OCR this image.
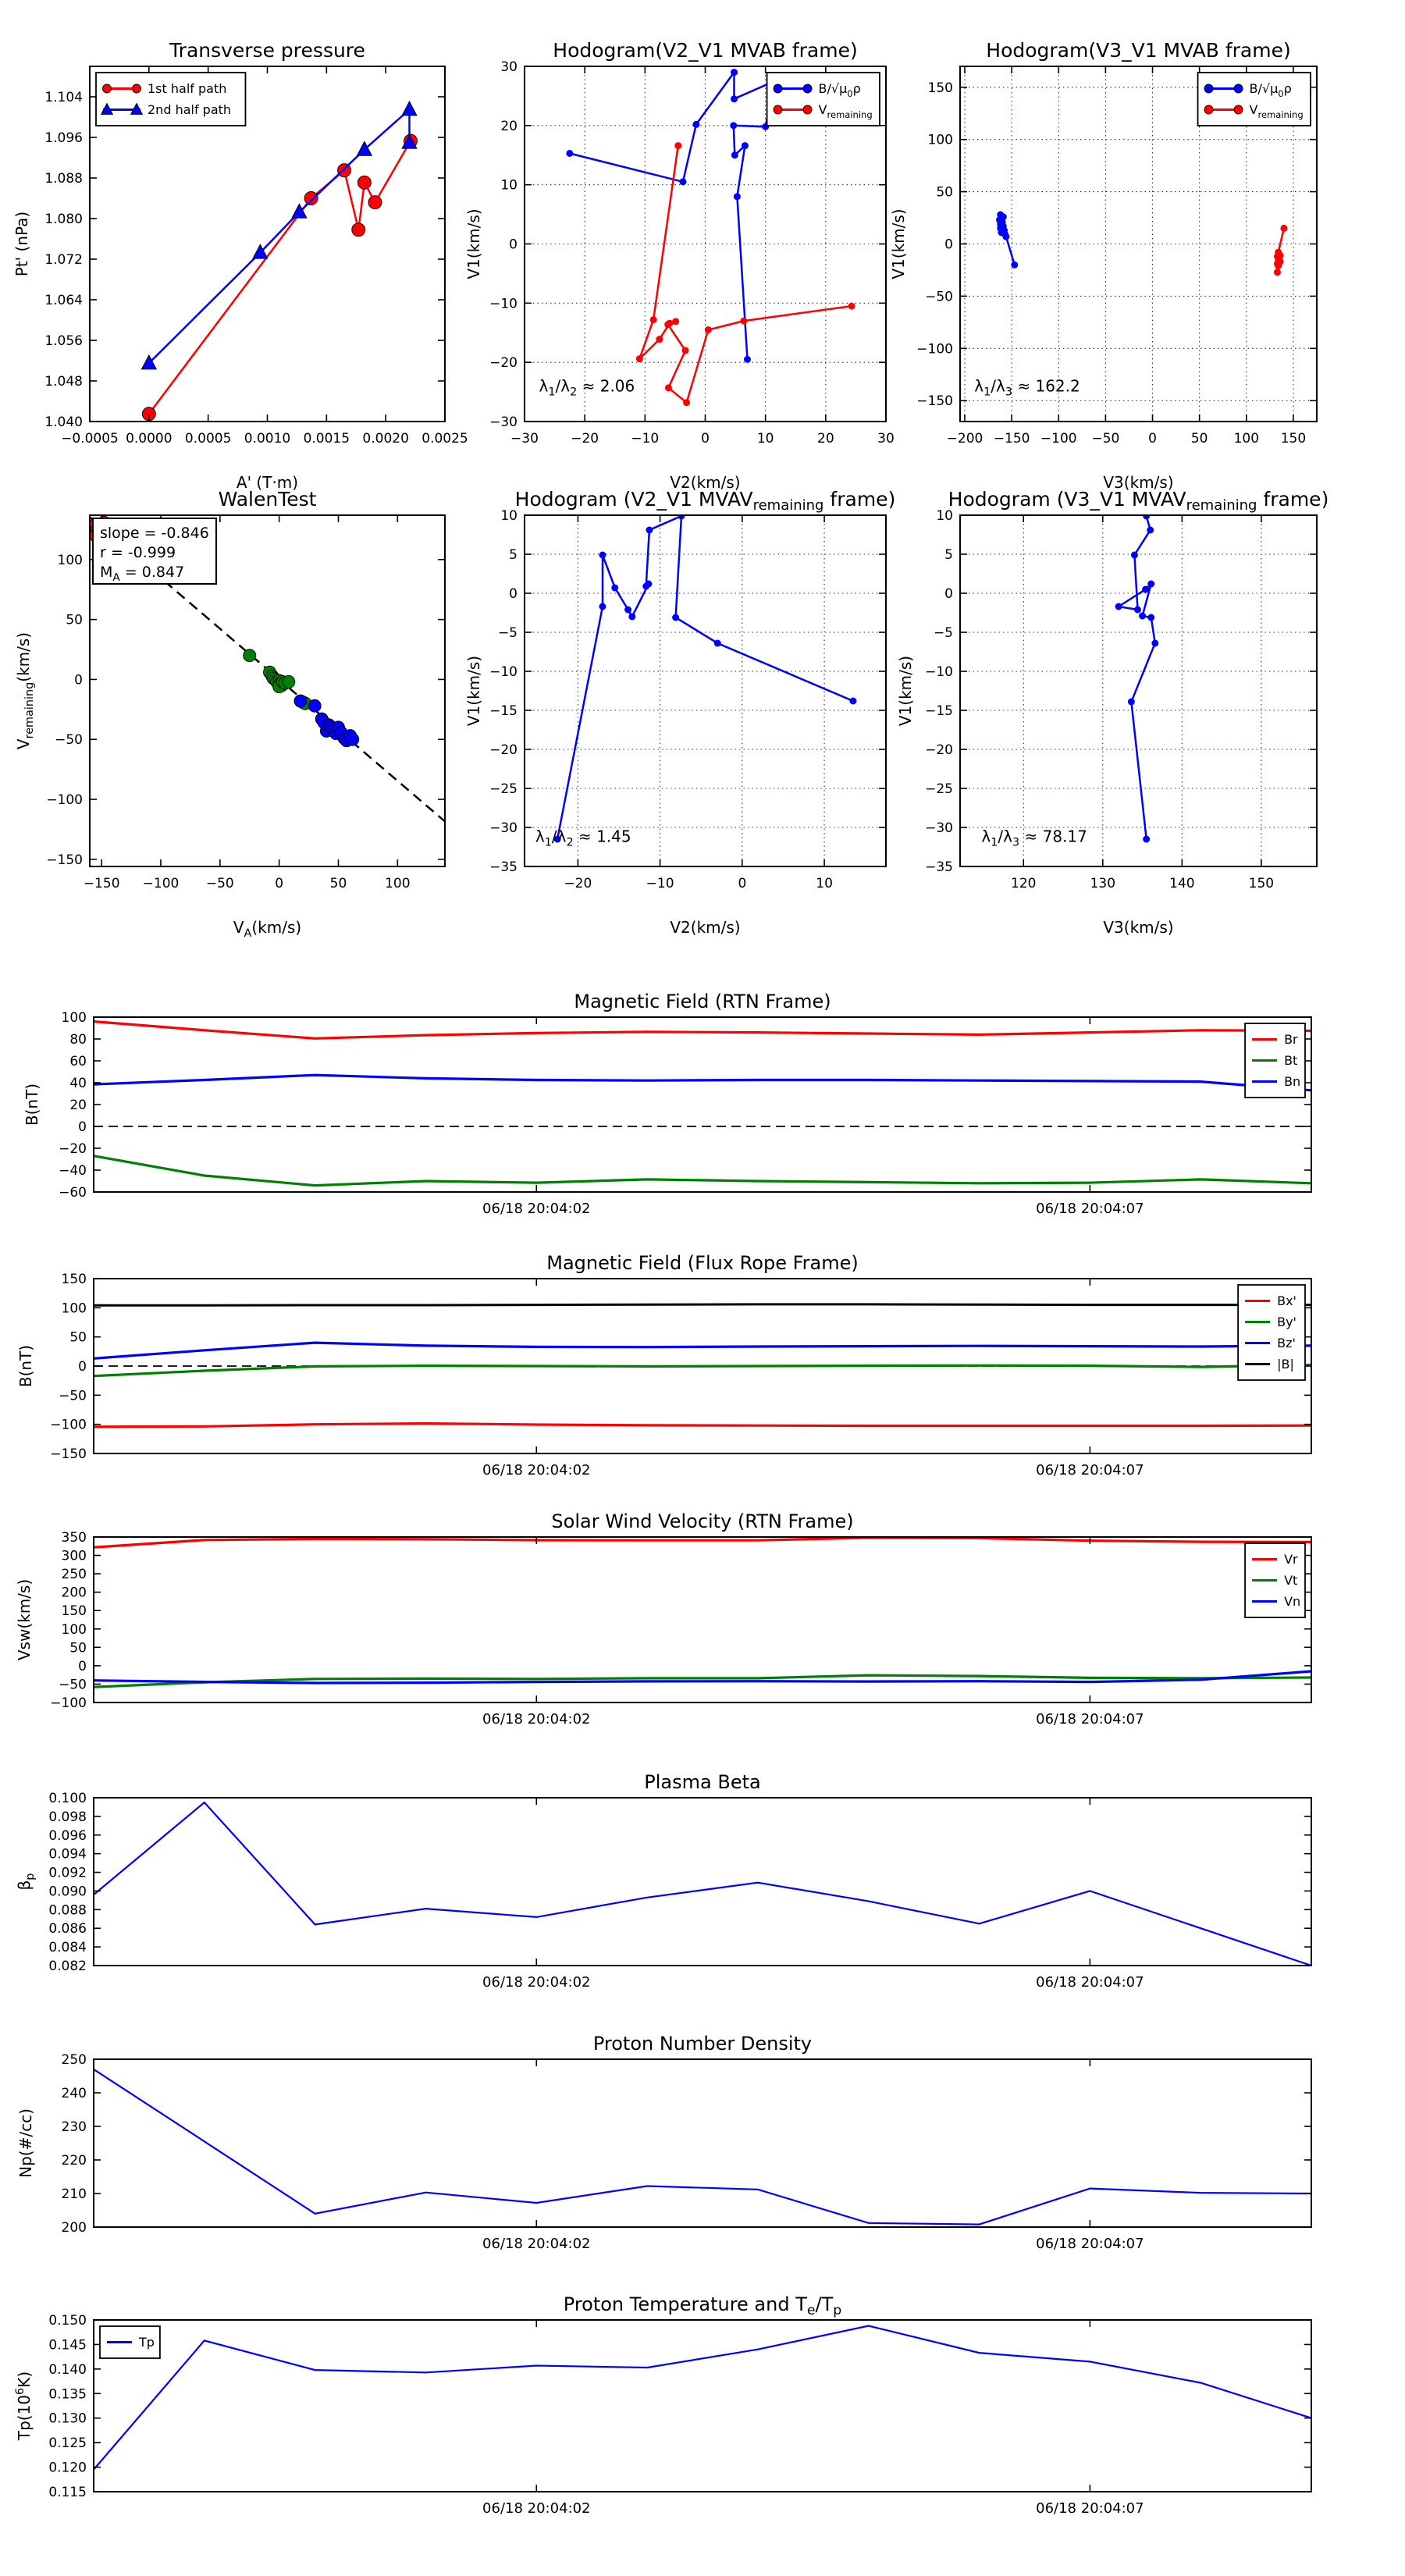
−0.0005 0.0000 0.0005 0.0010 0.0015 0.0020 0.0025
1.040
1.048
1.056
1.064
1.072
1.080
1.088
1.096
1.104
Transverse pressure
A' (T·m)
Pt' (nPa)
1st half path
2nd half path
−30 −20 −10	0	10	20	30
−30
−20
−10
0
10
20
30
Hodogram(V2_V1 MVAB frame)
V2(km/s)
V1(km/s)
$B/√\mu_0\rho$
$V_{remaining}$
$\lambda_1/\lambda_2 \approx 2.06$
−200 −150 −100 −50 0	50 100 150
−150
−100
−50
0
50
100
150
Hodogram(V3_V1 MVAB frame)
V3(km/s)
V1(km/s)
$B/√\mu_0\rho$
$V_{remaining}$
$\lambda_1/\lambda_3 \approx 162.2$
−150 −100 −50	0	50	100
−150
−100
−50
0
50
100
WalenTest
$V_A(km/s)$
$V_{remaining}(km/s)$
slope = -0.846
r = -0.999
$M_A = 0.847$
−20	−10	0	10
10
5
0
−5
−10
−15
−20
−25
−30
−35
Hodogram (V2_V1 $MVAV_{remaining}$ frame)
V2(km/s)
V1(km/s)
$\lambda_1/\lambda_2 \approx 1.45$
120	130	140	150
10
5
0
−5
−10
−15
−20
−25
−30
−35
Hodogram (V3_V1 $MVAV_{remaining}$ frame)
V3(km/s)
V1(km/s)
$\lambda_1/\lambda_3 \approx 78.17$
06/18 20:04:02	06/18 20:04:07
−60
−40
−20
0
20
40
60
80
100
Magnetic Field (RTN Frame)
B(nT)
Br
Bt
Bn
06/18 20:04:02	06/18 20:04:07
−150
−100
−50
0
50
100
150
Magnetic Field (Flux Rope Frame)
B(nT)
Bx'
By'
Bz'
|B|
06/18 20:04:02	06/18 20:04:07
−100
−50
0
50
100
150
200
250
300
350
Solar Wind Velocity (RTN Frame)
Vsw(km/s)
Vr
Vt
Vn
06/18 20:04:02	06/18 20:04:07
0.082
0.084
0.086
0.088
0.090
0.092
0.094
0.096
0.098
0.100
Plasma Beta
$\beta_p$
06/18 20:04:02	06/18 20:04:07
200
210
220
230
240
250
Proton Number Density
Np(#/cc)
06/18 20:04:02	06/18 20:04:07
0.115
0.120
0.125
0.130
0.135
0.140
0.145
0.150
Proton Temperature and $T_e/T_p$
$Tp(10^6K)$
Tp
